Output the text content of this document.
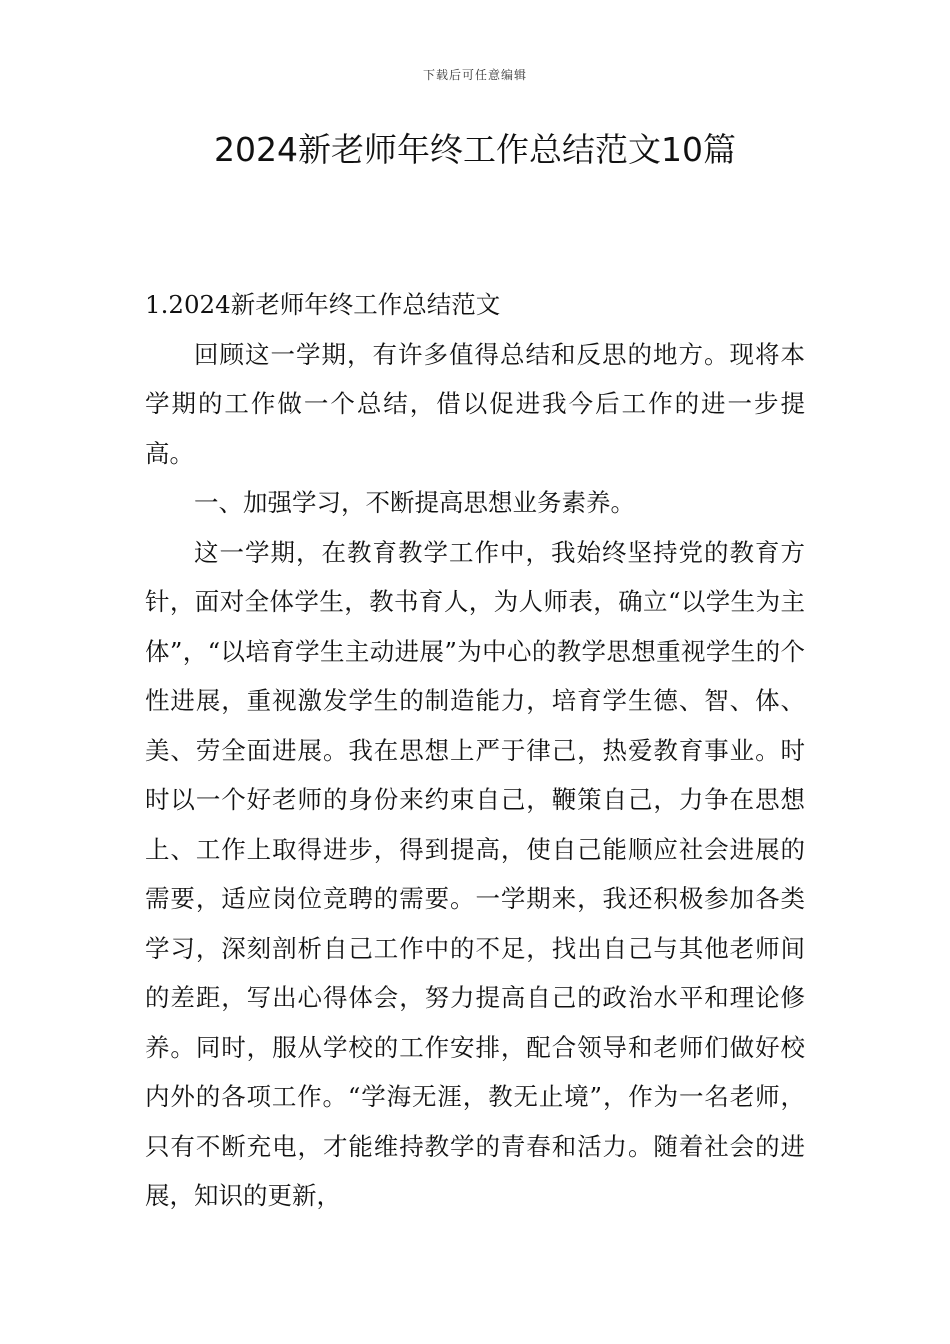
下载后可任意编辑
2024新老师年终工作总结范文10篇

1.2024新老师年终工作总结范文

回顾这一学期，有许多值得总结和反思的地方。现将本学期的工作做一个总结，借以促进我今后工作的进一步提高。

一、加强学习，不断提高思想业务素养。

这一学期，在教育教学工作中，我始终坚持党的教育方针，面对全体学生，教书育人，为人师表，确立“以学生为主体”，“以培育学生主动进展”为中心的教学思想重视学生的个性进展，重视激发学生的制造能力，培育学生德、智、体、美、劳全面进展。我在思想上严于律己，热爱教育事业。时时以一个好老师的身份来约束自己，鞭策自己，力争在思想上、工作上取得进步，得到提高，使自己能顺应社会进展的需要，适应岗位竞聘的需要。一学期来，我还积极参加各类学习，深刻剖析自己工作中的不足，找出自己与其他老师间的差距，写出心得体会，努力提高自己的政治水平和理论修养。同时，服从学校的工作安排，配合领导和老师们做好校内外的各项工作。“学海无涯，教无止境”，作为一名老师，只有不断充电，才能维持教学的青春和活力。随着社会的进展，知识的更新，
